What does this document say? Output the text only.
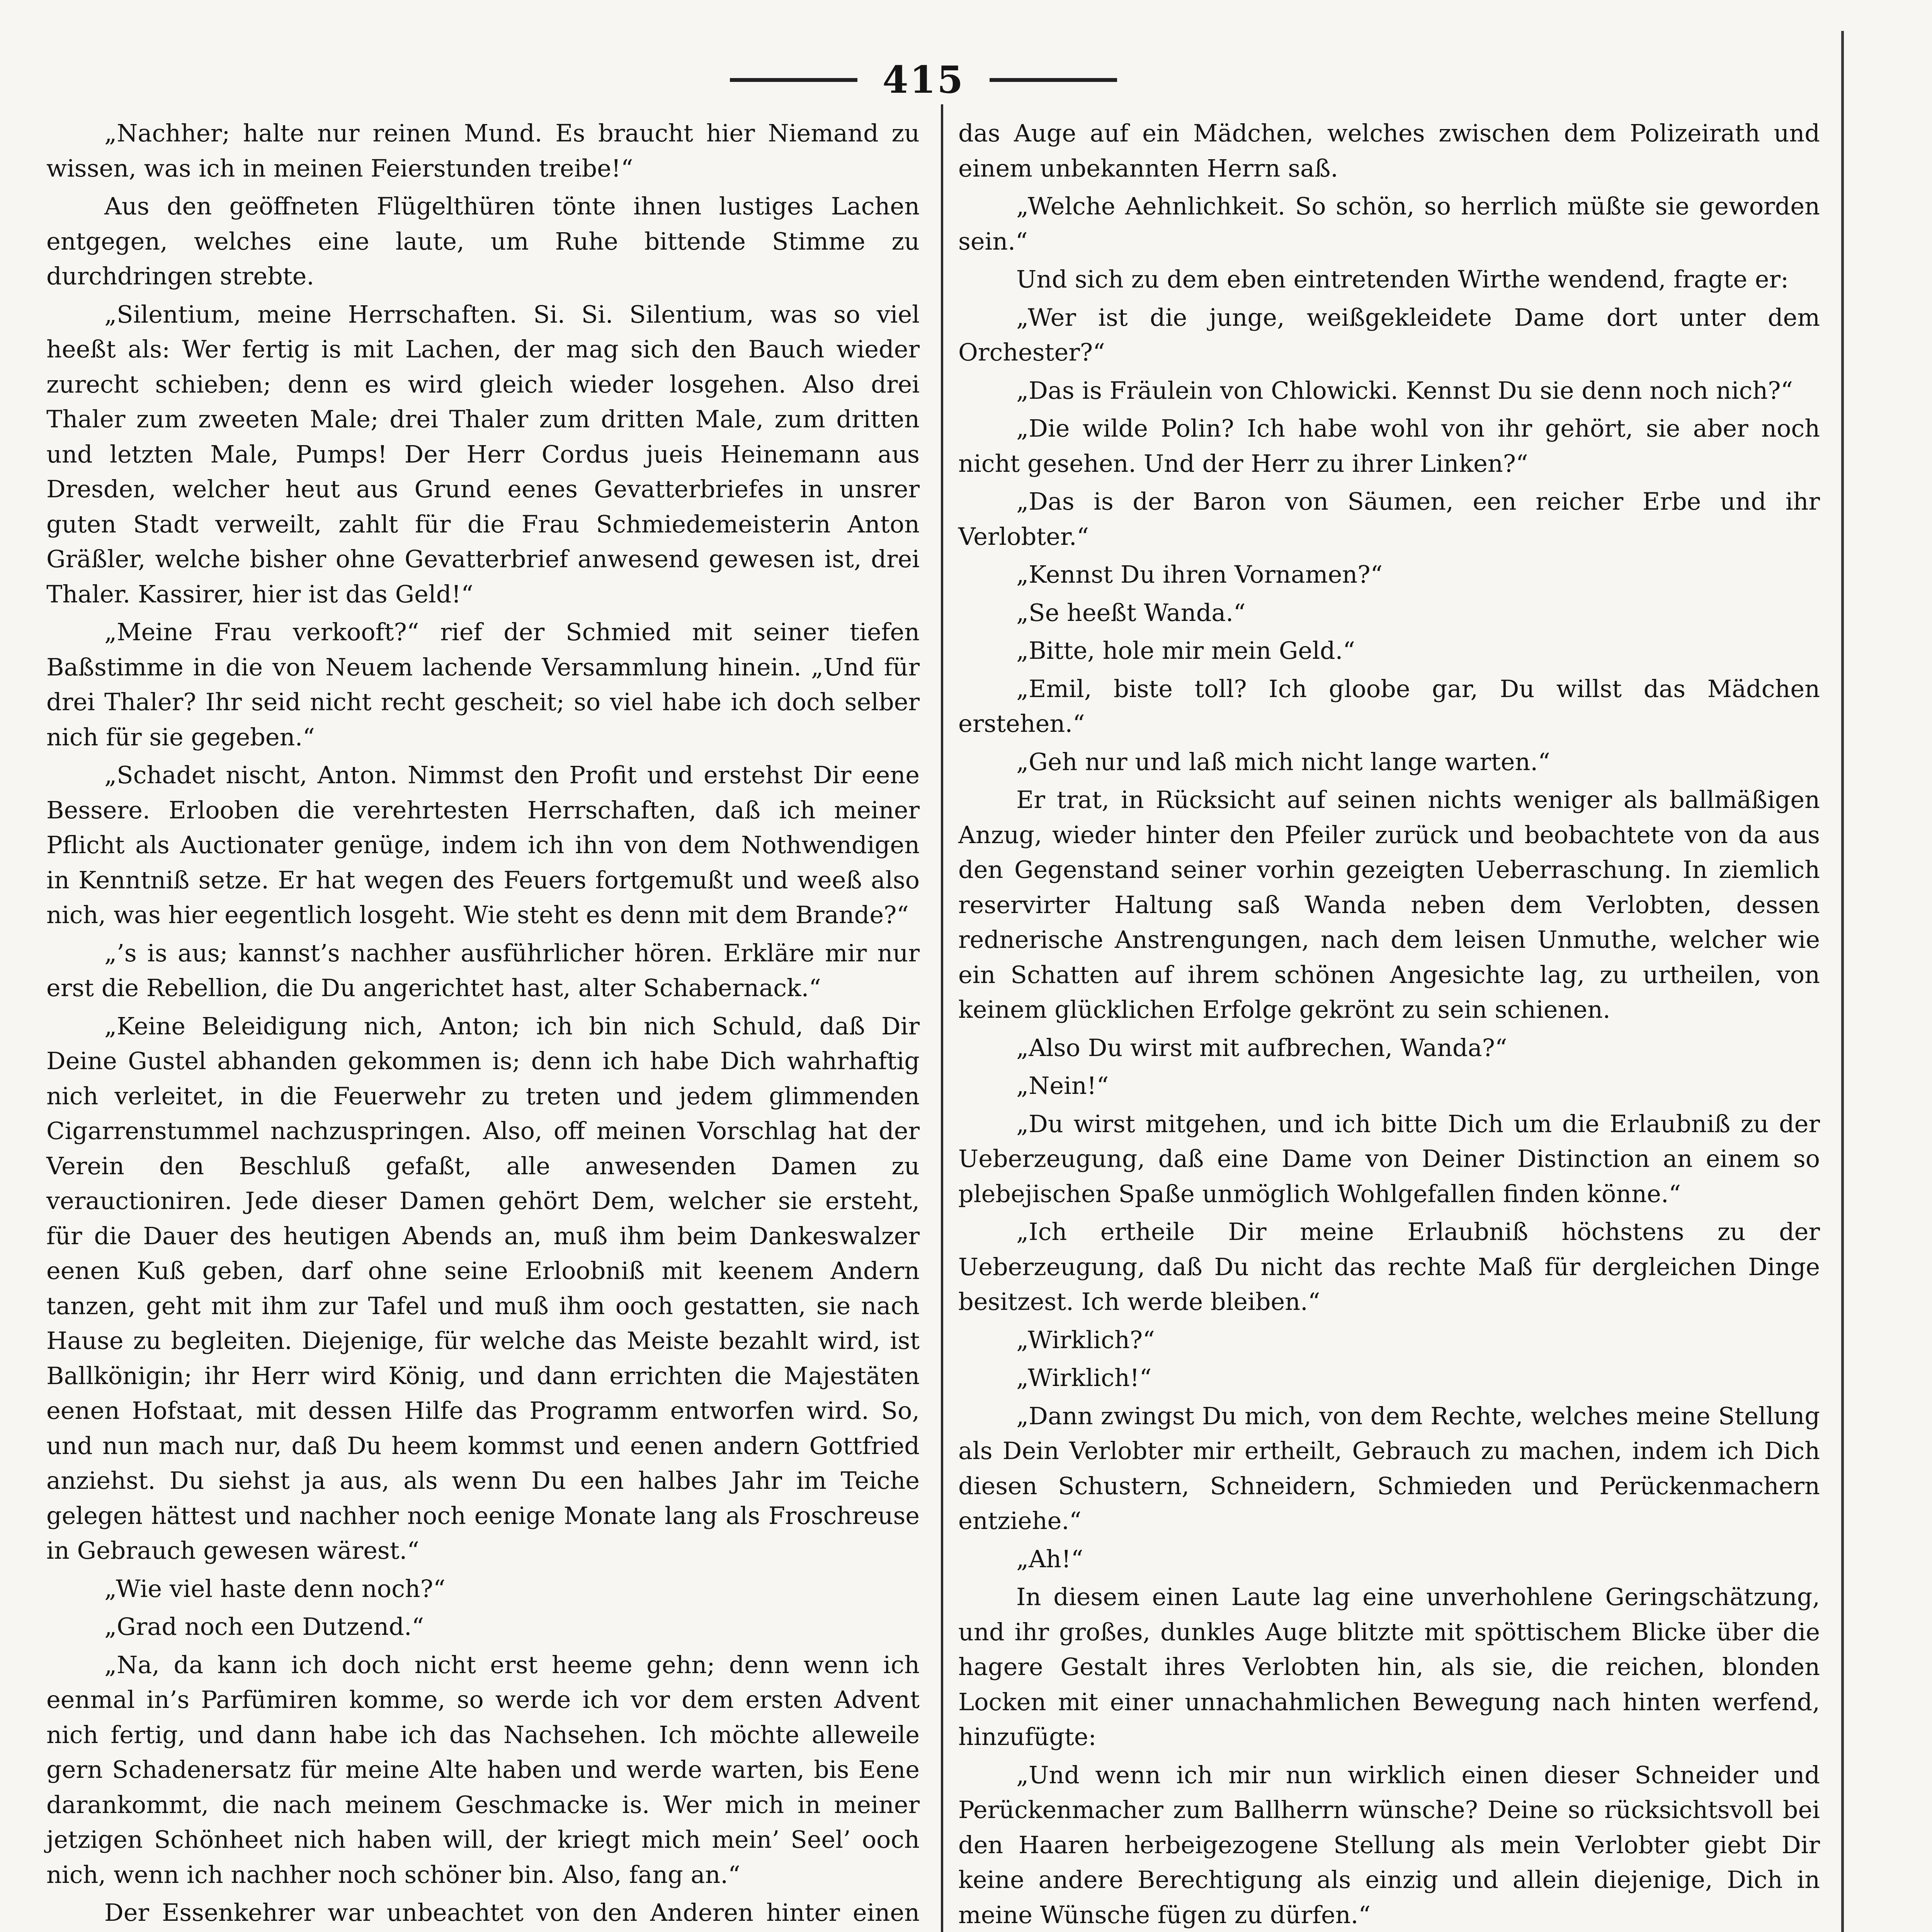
415

„Nachher; halte nur reinen Mund. Es braucht hier Niemand zu wissen, was ich in meinen Feierstunden treibe!“

Aus den geöffneten Flügelthüren tönte ihnen lustiges Lachen entgegen, welches eine laute, um Ruhe bittende Stimme zu durchdringen strebte.

„Silentium, meine Herrschaften. Si. Si. Silentium, was so viel heeßt als: Wer fertig is mit Lachen, der mag sich den Bauch wieder zurecht schieben; denn es wird gleich wieder losgehen. Also drei Thaler zum zweeten Male; drei Thaler zum dritten Male, zum dritten und letzten Male, Pumps! Der Herr Cordus jueis Heinemann aus Dresden, welcher heut aus Grund eenes Gevatterbriefes in unsrer guten Stadt verweilt, zahlt für die Frau Schmiedemeisterin Anton Gräßler, welche bisher ohne Gevatterbrief anwesend gewesen ist, drei Thaler. Kassirer, hier ist das Geld!“

„Meine Frau verkooft?“ rief der Schmied mit seiner tiefen Baßstimme in die von Neuem lachende Versammlung hinein. „Und für drei Thaler? Ihr seid nicht recht gescheit; so viel habe ich doch selber nich für sie gegeben.“

„Schadet nischt, Anton. Nimmst den Profit und erstehst Dir eene Bessere. Erlooben die verehrtesten Herrschaften, daß ich meiner Pflicht als Auctionater genüge, indem ich ihn von dem Nothwendigen in Kenntniß setze. Er hat wegen des Feuers fortgemußt und weeß also nich, was hier eegentlich losgeht. Wie steht es denn mit dem Brande?“

„’s is aus; kannst’s nachher ausführlicher hören. Erkläre mir nur erst die Rebellion, die Du angerichtet hast, alter Schabernack.“

„Keine Beleidigung nich, Anton; ich bin nich Schuld, daß Dir Deine Gustel abhanden gekommen is; denn ich habe Dich wahrhaftig nich verleitet, in die Feuerwehr zu treten und jedem glimmenden Cigarrenstummel nachzuspringen. Also, off meinen Vorschlag hat der Verein den Beschluß gefaßt, alle anwesenden Damen zu verauctioniren. Jede dieser Damen gehört Dem, welcher sie ersteht, für die Dauer des heutigen Abends an, muß ihm beim Dankeswalzer eenen Kuß geben, darf ohne seine Erloobniß mit keenem Andern tanzen, geht mit ihm zur Tafel und muß ihm ooch gestatten, sie nach Hause zu begleiten. Diejenige, für welche das Meiste bezahlt wird, ist Ballkönigin; ihr Herr wird König, und dann errichten die Majestäten eenen Hofstaat, mit dessen Hilfe das Programm entworfen wird. So, und nun mach nur, daß Du heem kommst und eenen andern Gottfried anziehst. Du siehst ja aus, als wenn Du een halbes Jahr im Teiche gelegen hättest und nachher noch eenige Monate lang als Froschreuse in Gebrauch gewesen wärest.“

„Wie viel haste denn noch?“

„Grad noch een Dutzend.“

„Na, da kann ich doch nicht erst heeme gehn; denn wenn ich eenmal in’s Parfümiren komme, so werde ich vor dem ersten Advent nich fertig, und dann habe ich das Nachsehen. Ich möchte alleweile gern Schadenersatz für meine Alte haben und werde warten, bis Eene darankommt, die nach meinem Geschmacke is. Wer mich in meiner jetzigen Schönheet nich haben will, der kriegt mich mein’ Seel’ ooch nich, wenn ich nachher noch schöner bin. Also, fang an.“

Der Essenkehrer war unbeachtet von den Anderen hinter einen

das Auge auf ein Mädchen, welches zwischen dem Polizeirath und einem unbekannten Herrn saß.

„Welche Aehnlichkeit. So schön, so herrlich müßte sie geworden sein.“

Und sich zu dem eben eintretenden Wirthe wendend, fragte er:

„Wer ist die junge, weißgekleidete Dame dort unter dem Orchester?“

„Das is Fräulein von Chlowicki. Kennst Du sie denn noch nich?“

„Die wilde Polin? Ich habe wohl von ihr gehört, sie aber noch nicht gesehen. Und der Herr zu ihrer Linken?“

„Das is der Baron von Säumen, een reicher Erbe und ihr Verlobter.“

„Kennst Du ihren Vornamen?“

„Se heeßt Wanda.“

„Bitte, hole mir mein Geld.“

„Emil, biste toll? Ich gloobe gar, Du willst das Mädchen erstehen.“

„Geh nur und laß mich nicht lange warten.“

Er trat, in Rücksicht auf seinen nichts weniger als ballmäßigen Anzug, wieder hinter den Pfeiler zurück und beobachtete von da aus den Gegenstand seiner vorhin gezeigten Ueberraschung. In ziemlich reservirter Haltung saß Wanda neben dem Verlobten, dessen rednerische Anstrengungen, nach dem leisen Unmuthe, welcher wie ein Schatten auf ihrem schönen Angesichte lag, zu urtheilen, von keinem glücklichen Erfolge gekrönt zu sein schienen.

„Also Du wirst mit aufbrechen, Wanda?“

„Nein!“

„Du wirst mitgehen, und ich bitte Dich um die Erlaubniß zu der Ueberzeugung, daß eine Dame von Deiner Distinction an einem so plebejischen Spaße unmöglich Wohlgefallen finden könne.“

„Ich ertheile Dir meine Erlaubniß höchstens zu der Ueberzeugung, daß Du nicht das rechte Maß für dergleichen Dinge besitzest. Ich werde bleiben.“

„Wirklich?“

„Wirklich!“

„Dann zwingst Du mich, von dem Rechte, welches meine Stellung als Dein Verlobter mir ertheilt, Gebrauch zu machen, indem ich Dich diesen Schustern, Schneidern, Schmieden und Perückenmachern entziehe.“

„Ah!“

In diesem einen Laute lag eine unverhohlene Geringschätzung, und ihr großes, dunkles Auge blitzte mit spöttischem Blicke über die hagere Gestalt ihres Verlobten hin, als sie, die reichen, blonden Locken mit einer unnachahmlichen Bewegung nach hinten werfend, hinzufügte:

„Und wenn ich mir nun wirklich einen dieser Schneider und Perückenmacher zum Ballherrn wünsche? Deine so rücksichtsvoll bei den Haaren herbeigezogene Stellung als mein Verlobter giebt Dir keine andere Berechtigung als einzig und allein diejenige, Dich in meine Wünsche fügen zu dürfen.“
